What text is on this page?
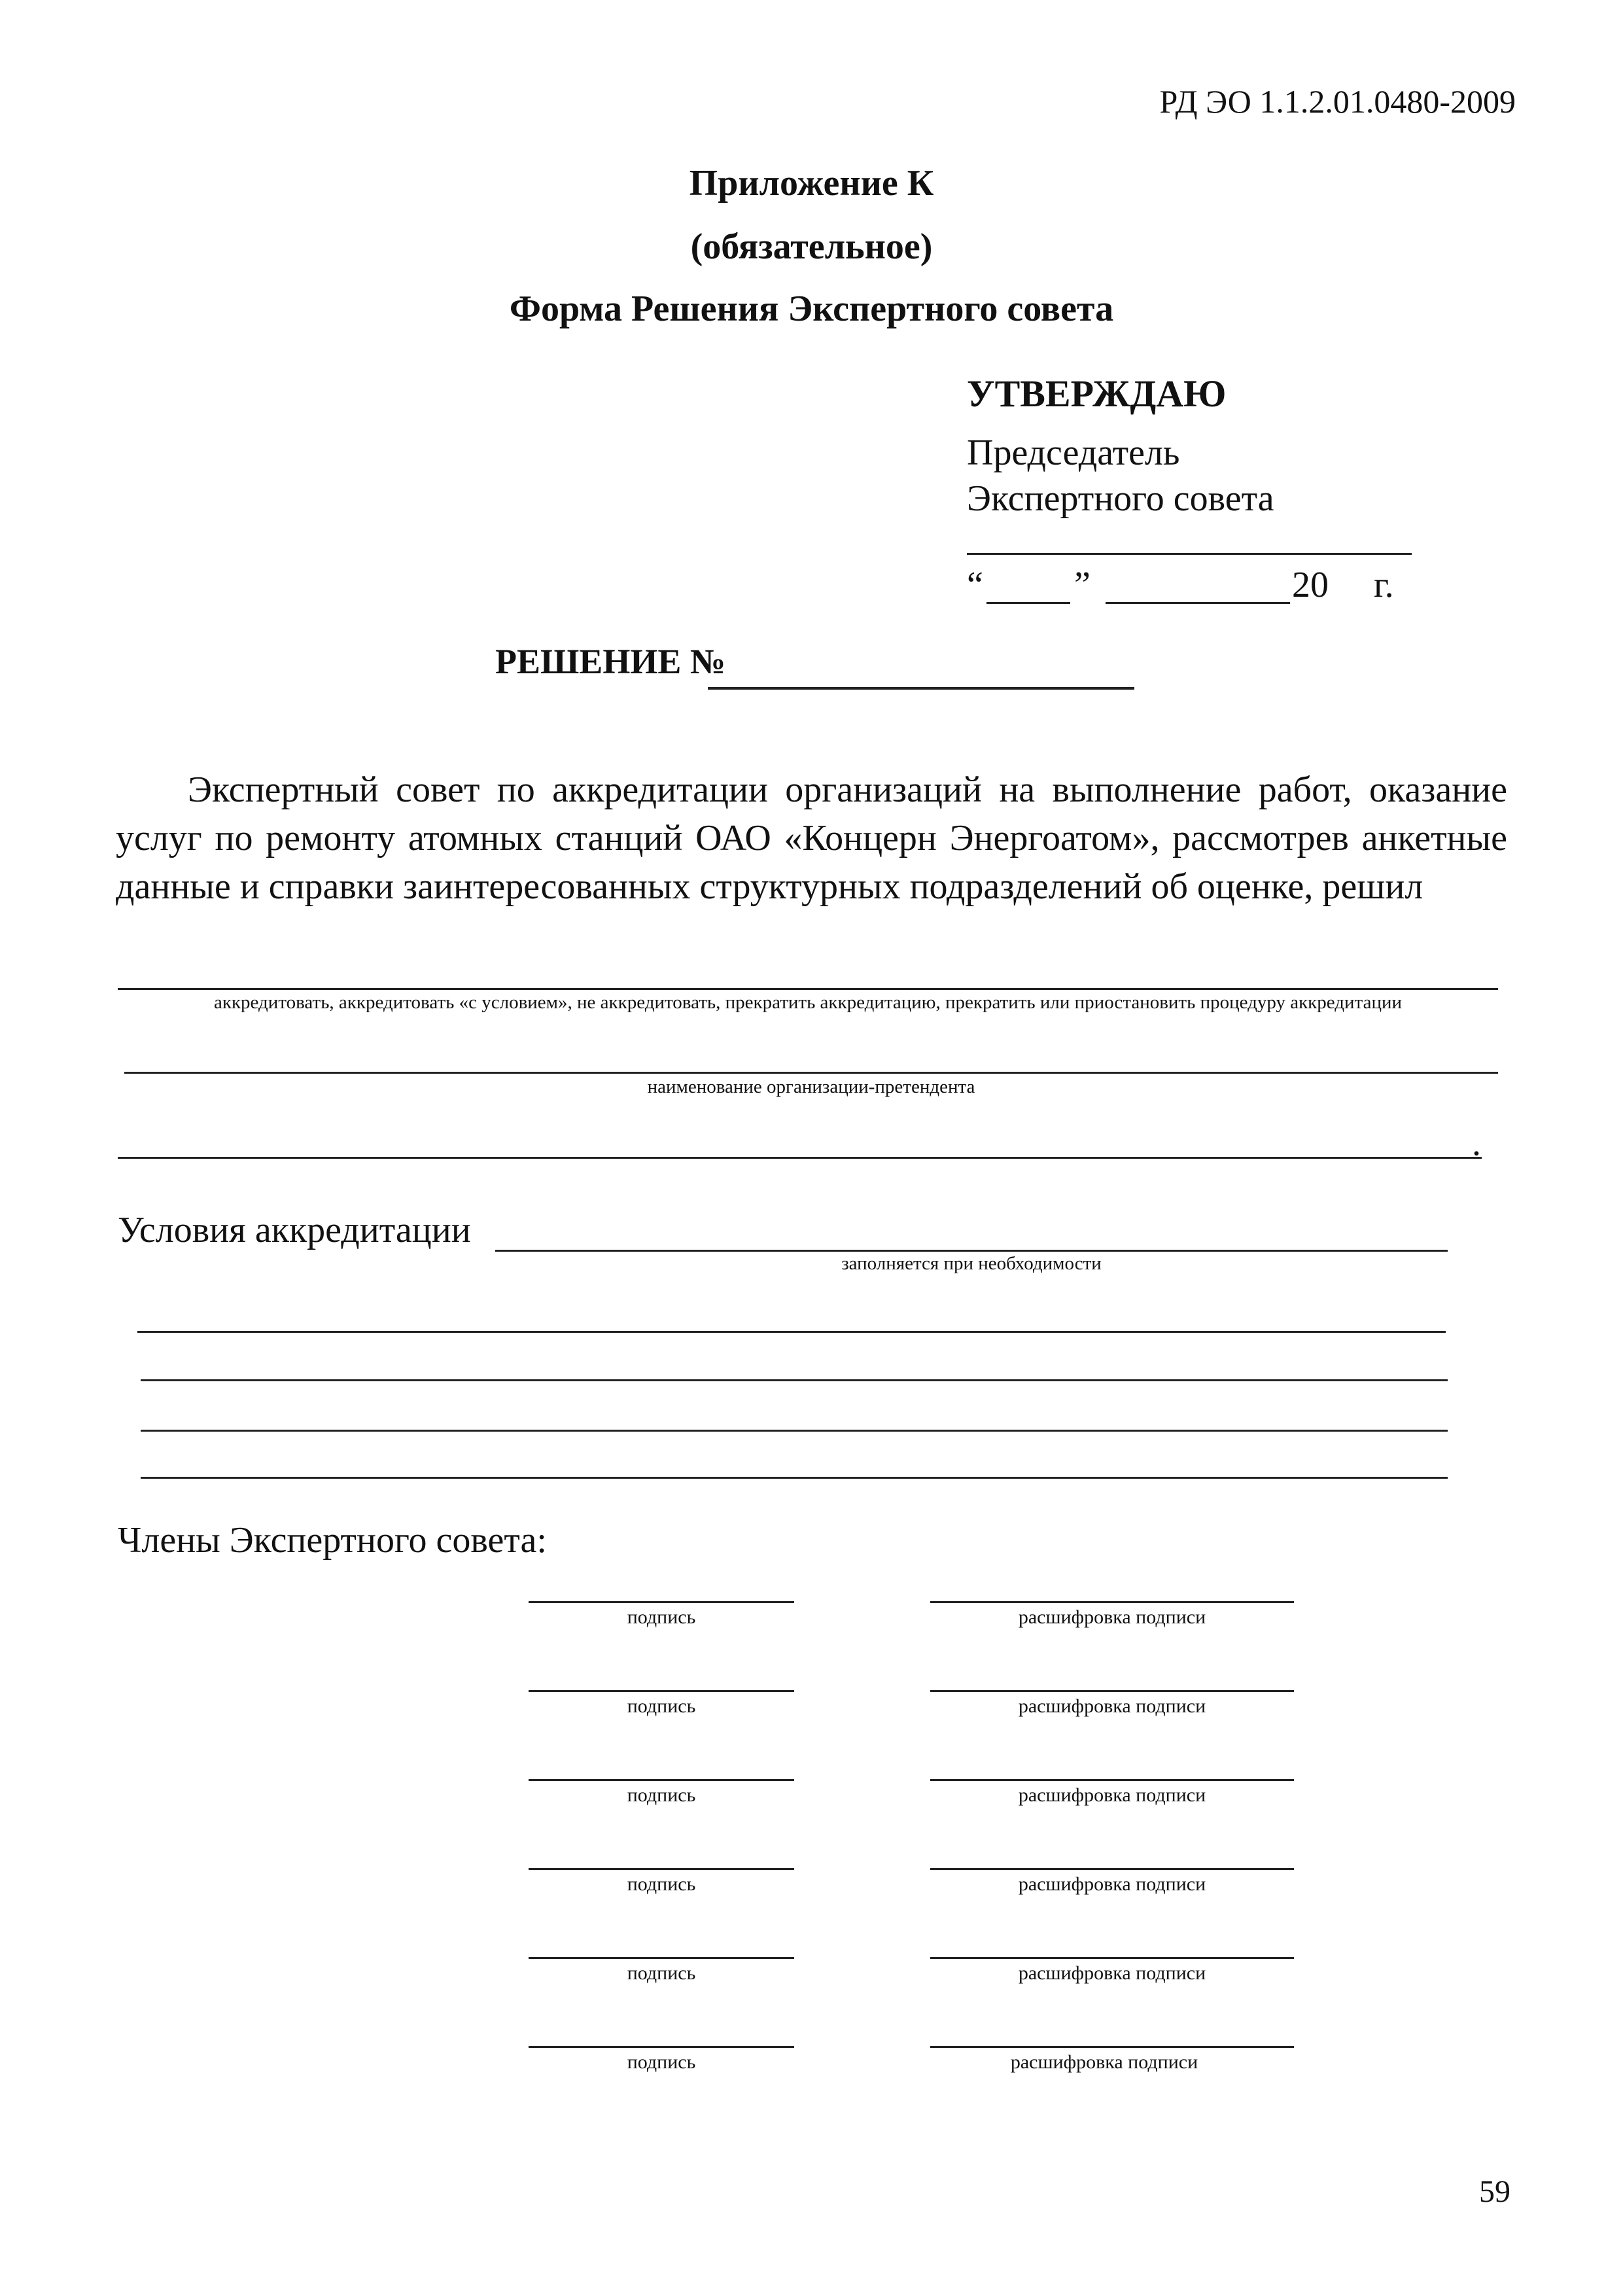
РД ЭО 1.1.2.01.0480-2009
Приложение К
(обязательное)
Форма Решения Экспертного совета
УТВЕРЖДАЮ
Председатель
Экспертного совета
“ ”	20 г.
РЕШЕНИЕ №
Экспертный совет по аккредитации организаций на выполнение работ, оказание услуг по ремонту атомных станций ОАО «Концерн Энергоатом», рассмотрев анкетные данные и справки заинтересованных структурных подразделений об оценке, решил
аккредитовать, аккредитовать «с условием», не аккредитовать, прекратить аккредитацию, прекратить или приостановить процедуру аккредитации
наименование организации-претендента
.
Условия аккредитации
заполняется при необходимости
Члены Экспертного совета:
подпись	расшифровка подписи
подпись	расшифровка подписи
подпись	расшифровка подписи
подпись	расшифровка подписи
подпись	расшифровка подписи
подпись	расшифровка подписи
59
